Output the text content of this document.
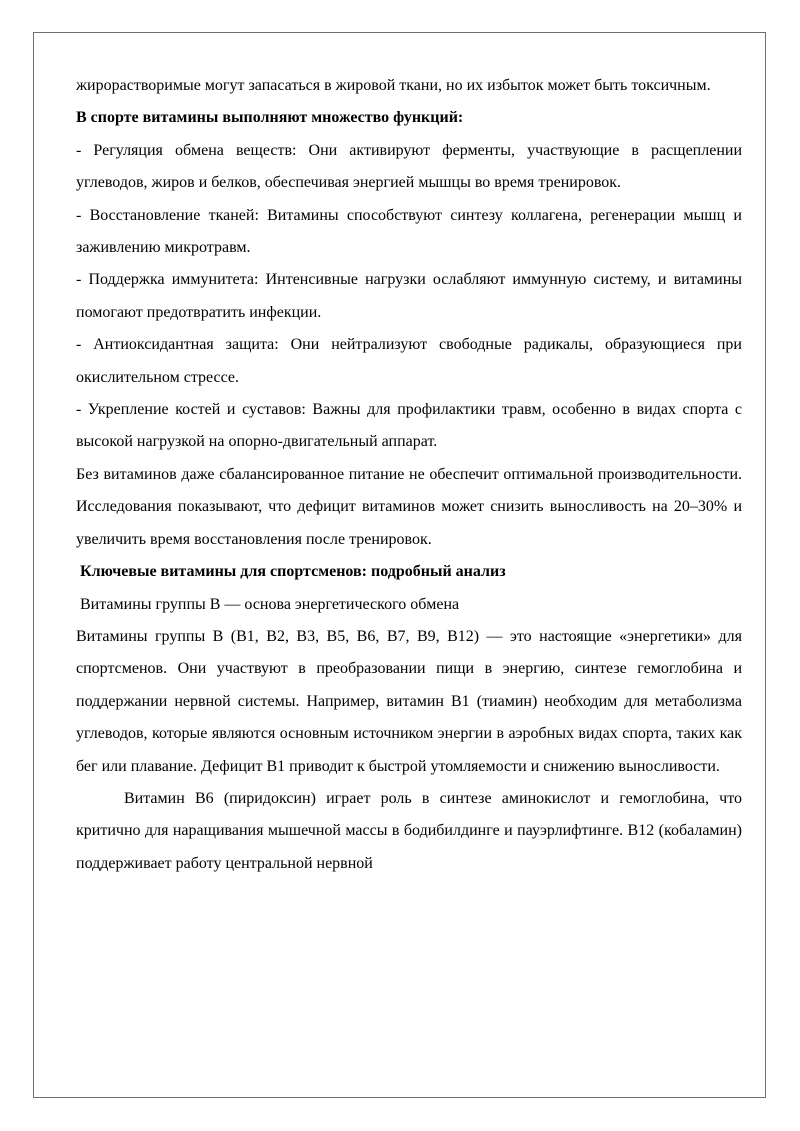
жирорастворимые могут запасаться в жировой ткани, но их избыток может быть токсичным.

В спорте витамины выполняют множество функций:

- Регуляция обмена веществ: Они активируют ферменты, участвующие в расщеплении углеводов, жиров и белков, обеспечивая энергией мышцы во время тренировок.

- Восстановление тканей: Витамины способствуют синтезу коллагена, регенерации мышц и заживлению микротравм.

- Поддержка иммунитета: Интенсивные нагрузки ослабляют иммунную систему, и витамины помогают предотвратить инфекции.

- Антиоксидантная защита: Они нейтрализуют свободные радикалы, образующиеся при окислительном стрессе.

- Укрепление костей и суставов: Важны для профилактики травм, особенно в видах спорта с высокой нагрузкой на опорно-двигательный аппарат.

Без витаминов даже сбалансированное питание не обеспечит оптимальной производительности. Исследования показывают, что дефицит витаминов может снизить выносливость на 20–30% и увеличить время восстановления после тренировок.

Ключевые витамины для спортсменов: подробный анализ

Витамины группы B — основа энергетического обмена

Витамины группы B (B1, B2, B3, B5, B6, B7, B9, B12) — это настоящие «энергетики» для спортсменов. Они участвуют в преобразовании пищи в энергию, синтезе гемоглобина и поддержании нервной системы. Например, витамин B1 (тиамин) необходим для метаболизма углеводов, которые являются основным источником энергии в аэробных видах спорта, таких как бег или плавание. Дефицит B1 приводит к быстрой утомляемости и снижению выносливости.

Витамин B6 (пиридоксин) играет роль в синтезе аминокислот и гемоглобина, что критично для наращивания мышечной массы в бодибилдинге и пауэрлифтинге. B12 (кобаламин) поддерживает работу центральной нервной
